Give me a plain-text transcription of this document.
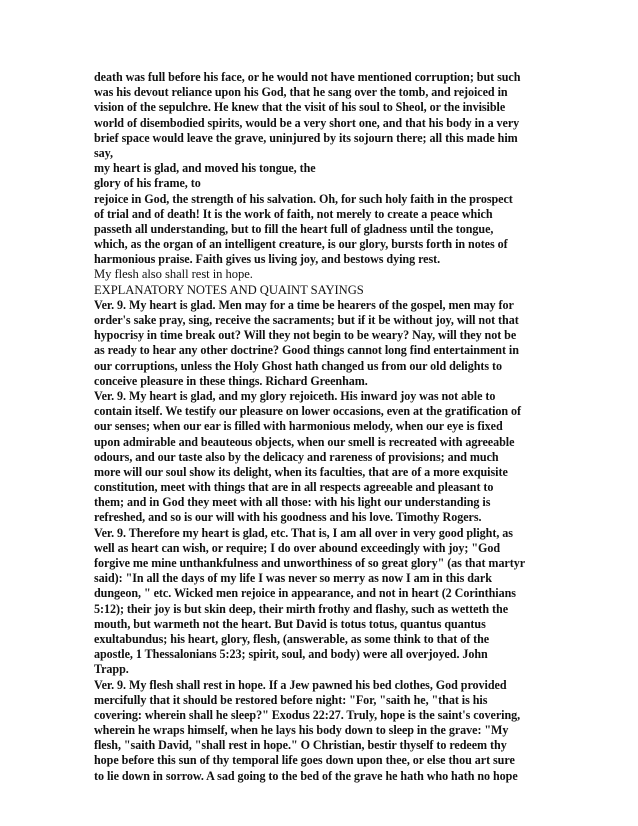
death was full before his face, or he would not have mentioned corruption; but such
was his devout reliance upon his God, that he sang over the tomb, and rejoiced in
vision of the sepulchre. He knew that the visit of his soul to Sheol, or the invisible
world of disembodied spirits, would be a very short one, and that his body in a very
brief space would leave the grave, uninjured by its sojourn there; all this made him
say,
my heart is glad, and moved his tongue, the
glory of his frame, to
rejoice in God, the strength of his salvation. Oh, for such holy faith in the prospect
of trial and of death! It is the work of faith, not merely to create a peace which
passeth all understanding, but to fill the heart full of gladness until the tongue,
which, as the organ of an intelligent creature, is our glory, bursts forth in notes of
harmonious praise. Faith gives us living joy, and bestows dying rest.
My flesh also shall rest in hope.
EXPLANATORY NOTES AND QUAINT SAYINGS
Ver. 9. My heart is glad. Men may for a time be hearers of the gospel, men may for
order's sake pray, sing, receive the sacraments; but if it be without joy, will not that
hypocrisy in time break out? Will they not begin to be weary? Nay, will they not be
as ready to hear any other doctrine? Good things cannot long find entertainment in
our corruptions, unless the Holy Ghost hath changed us from our old delights to
conceive pleasure in these things. Richard Greenham.
Ver. 9. My heart is glad, and my glory rejoiceth. His inward joy was not able to
contain itself. We testify our pleasure on lower occasions, even at the gratification of
our senses; when our ear is filled with harmonious melody, when our eye is fixed
upon admirable and beauteous objects, when our smell is recreated with agreeable
odours, and our taste also by the delicacy and rareness of provisions; and much
more will our soul show its delight, when its faculties, that are of a more exquisite
constitution, meet with things that are in all respects agreeable and pleasant to
them; and in God they meet with all those: with his light our understanding is
refreshed, and so is our will with his goodness and his love. Timothy Rogers.
Ver. 9. Therefore my heart is glad, etc. That is, I am all over in very good plight, as
well as heart can wish, or require; I do over abound exceedingly with joy; "God
forgive me mine unthankfulness and unworthiness of so great glory" (as that martyr
said): "In all the days of my life I was never so merry as now I am in this dark
dungeon, " etc. Wicked men rejoice in appearance, and not in heart (2 Corinthians
5:12); their joy is but skin deep, their mirth frothy and flashy, such as wetteth the
mouth, but warmeth not the heart. But David is totus totus, quantus quantus
exultabundus; his heart, glory, flesh, (answerable, as some think to that of the
apostle, 1 Thessalonians 5:23; spirit, soul, and body) were all overjoyed. John
Trapp.
Ver. 9. My flesh shall rest in hope. If a Jew pawned his bed clothes, God provided
mercifully that it should be restored before night: "For, "saith he, "that is his
covering: wherein shall he sleep?" Exodus 22:27. Truly, hope is the saint's covering,
wherein he wraps himself, when he lays his body down to sleep in the grave: "My
flesh, "saith David, "shall rest in hope." O Christian, bestir thyself to redeem thy
hope before this sun of thy temporal life goes down upon thee, or else thou art sure
to lie down in sorrow. A sad going to the bed of the grave he hath who hath no hope
